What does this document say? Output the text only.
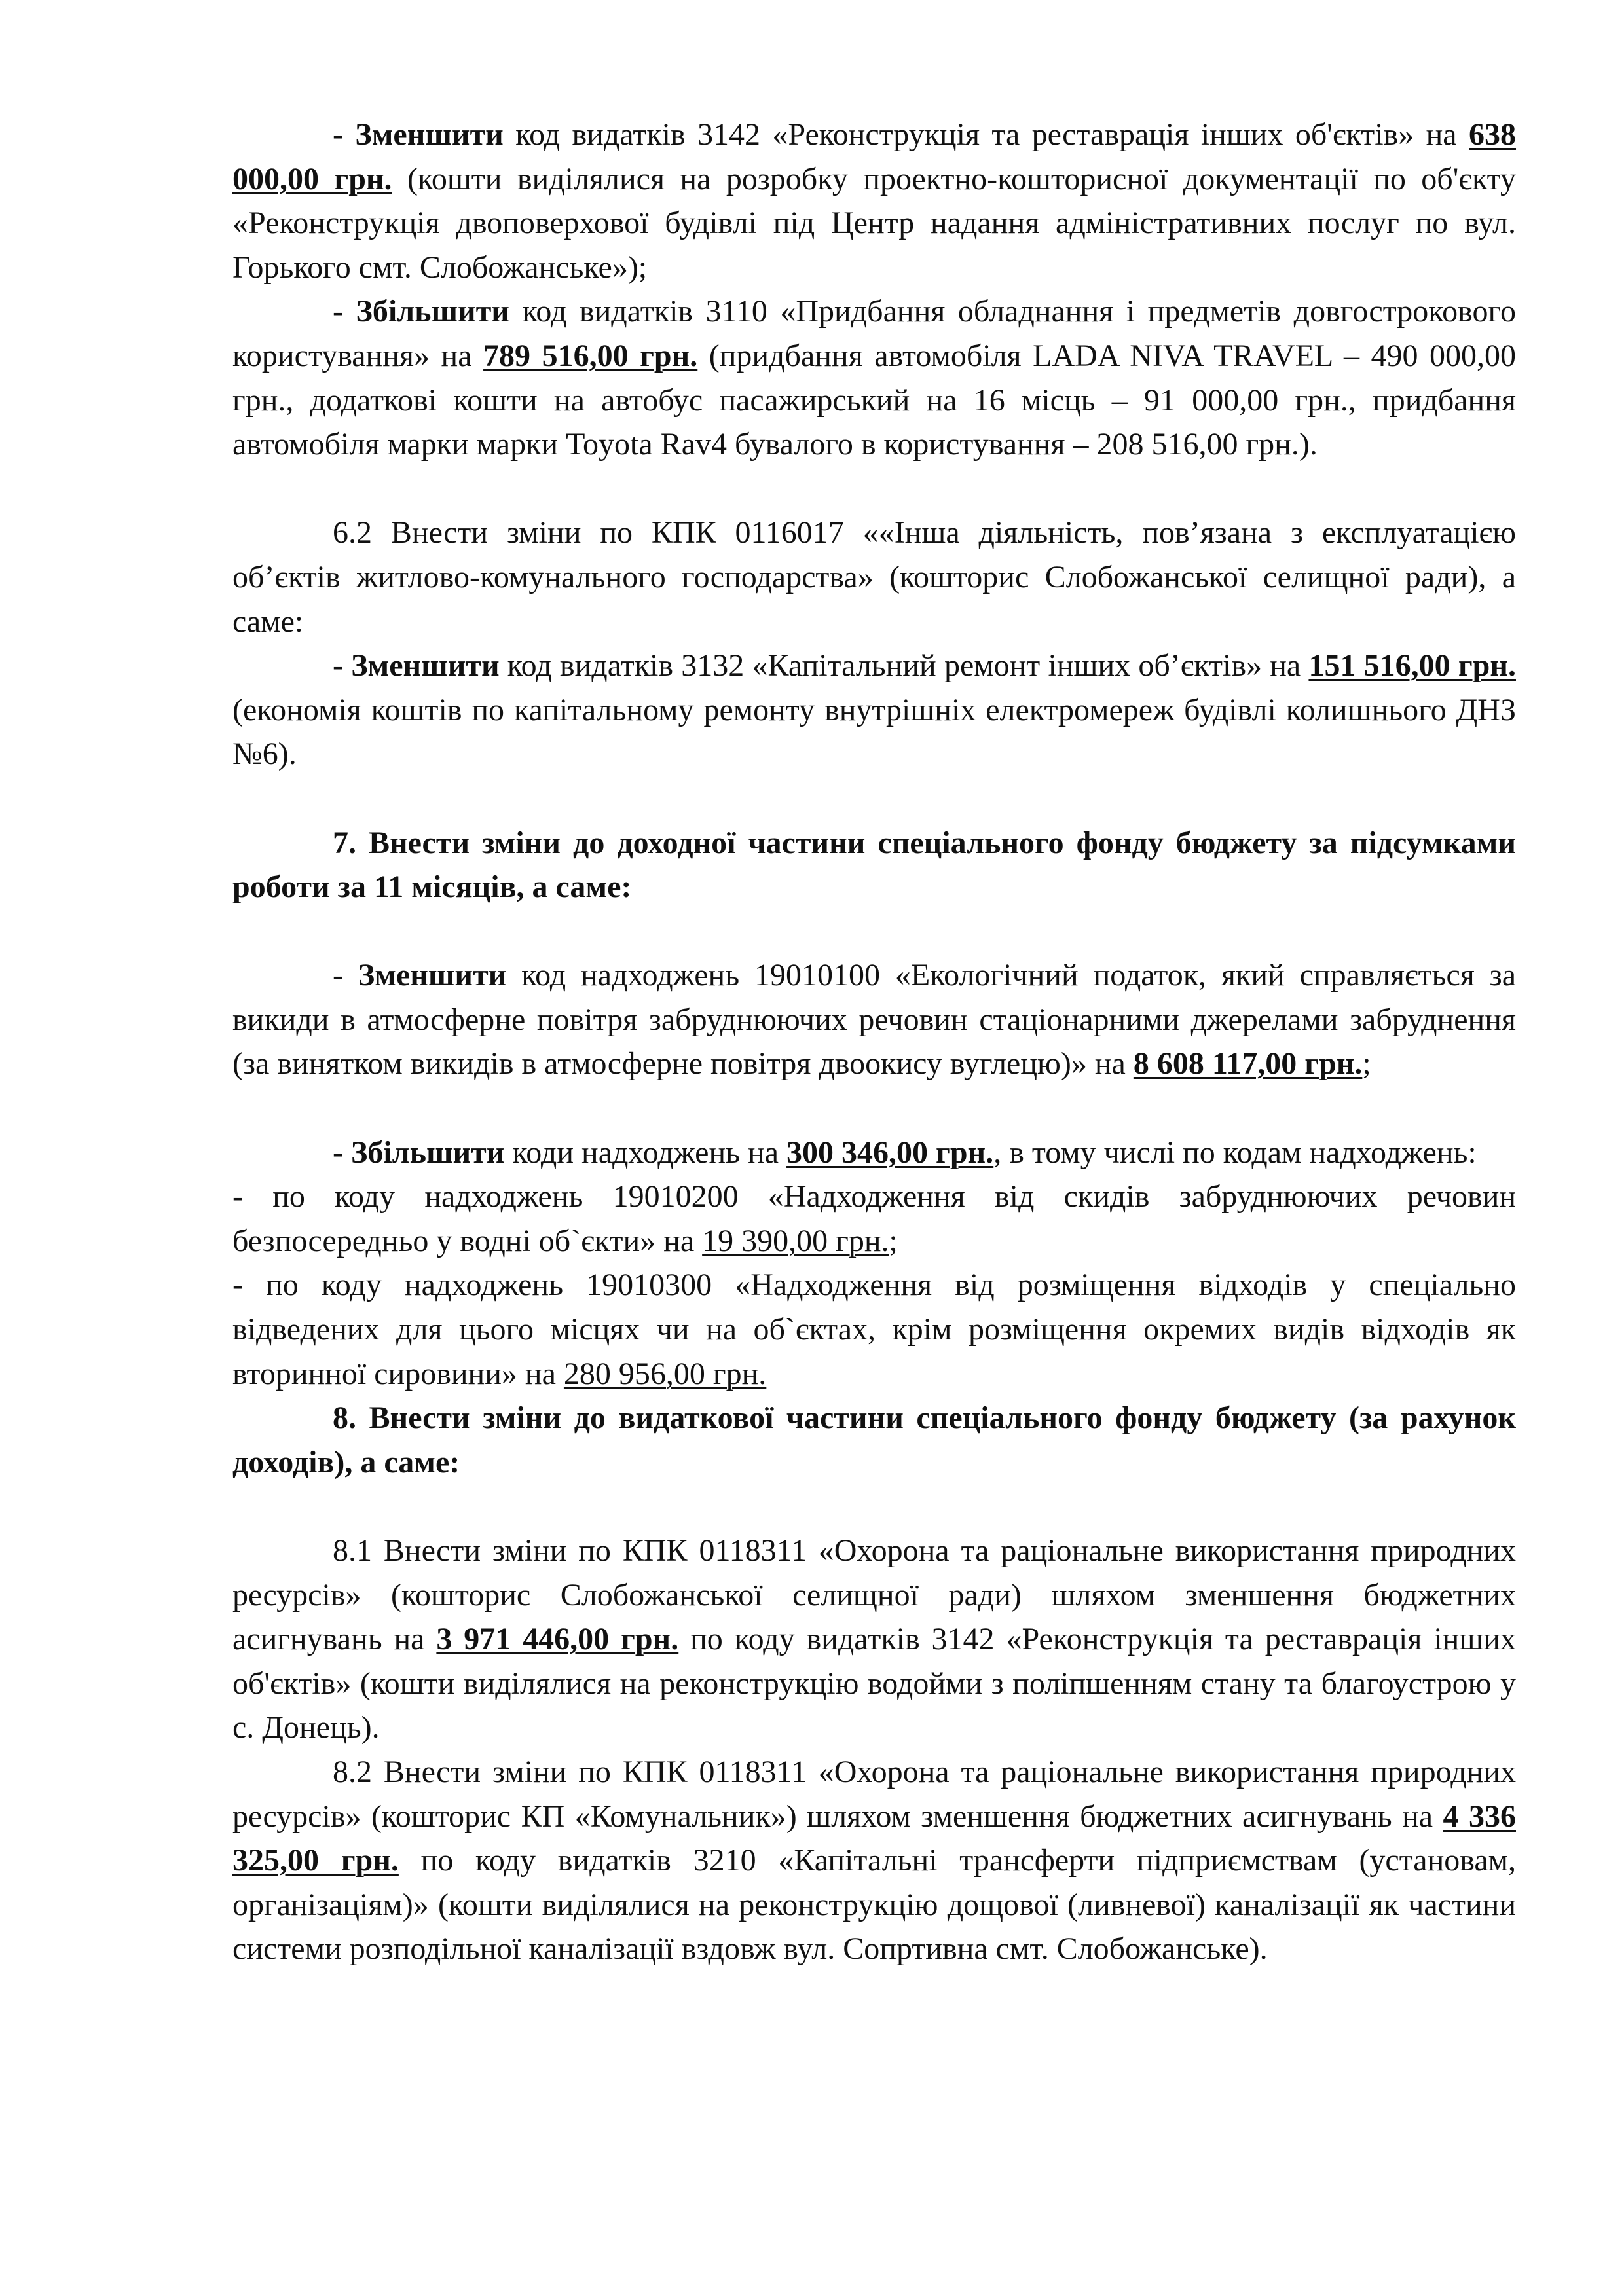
- Зменшити код видатків 3142 «Реконструкція та реставрація інших об'єктів» на 638 000,00 грн. (кошти виділялися на розробку проектно-кошторисної документації по об'єкту «Реконструкція двоповерхової будівлі під Центр надання адміністративних послуг по вул. Горького смт. Слобожанське»);

- Збільшити код видатків 3110 «Придбання обладнання і предметів довгострокового користування» на 789 516,00 грн. (придбання автомобіля LADA NIVA TRAVEL – 490 000,00 грн., додаткові кошти на автобус пасажирський на 16 місць – 91 000,00 грн., придбання автомобіля марки марки Toyota Rav4 бувалого в користування – 208 516,00 грн.).

6.2 Внести зміни по КПК 0116017 ««Інша діяльність, пов’язана з експлуатацією об’єктів житлово-комунального господарства» (кошторис Слобожанської селищної ради), а саме:

- Зменшити код видатків 3132 «Капітальний ремонт інших об’єктів» на 151 516,00 грн. (економія коштів по капітальному ремонту внутрішніх електромереж будівлі колишнього ДНЗ №6).

7. Внести зміни до доходної частини спеціального фонду бюджету за підсумками роботи за 11 місяців, а саме:

- Зменшити код надходжень 19010100 «Екологічний податок, який справляється за викиди в атмосферне повітря забруднюючих речовин стаціонарними джерелами забруднення (за винятком викидів в атмосферне повітря двоокису вуглецю)» на 8 608 117,00 грн.;

- Збільшити коди надходжень на 300 346,00 грн., в тому числі по кодам надходжень:

- по коду надходжень 19010200 «Надходження від скидів забруднюючих речовин безпосередньо у водні об`єкти» на 19 390,00 грн.;

- по коду надходжень 19010300 «Надходження від розміщення відходів у спеціально відведених для цього місцях чи на об`єктах, крім розміщення окремих видів відходів як вторинної сировини» на 280 956,00 грн.

8. Внести зміни до видаткової частини спеціального фонду бюджету (за рахунок доходів), а саме:

8.1 Внести зміни по КПК 0118311 «Охорона та раціональне використання природних ресурсів» (кошторис Слобожанської селищної ради) шляхом зменшення бюджетних асигнувань на 3 971 446,00 грн. по коду видатків 3142 «Реконструкція та реставрація інших об'єктів» (кошти виділялися на реконструкцію водойми з поліпшенням стану та благоустрою у с. Донець).

8.2 Внести зміни по КПК 0118311 «Охорона та раціональне використання природних ресурсів» (кошторис КП «Комунальник») шляхом зменшення бюджетних асигнувань на 4 336 325,00 грн. по коду видатків 3210 «Капітальні трансферти підприємствам (установам, організаціям)» (кошти виділялися на реконструкцію дощової (ливневої) каналізації як частини системи розподільної каналізації вздовж вул. Сопртивна смт. Слобожанське).
